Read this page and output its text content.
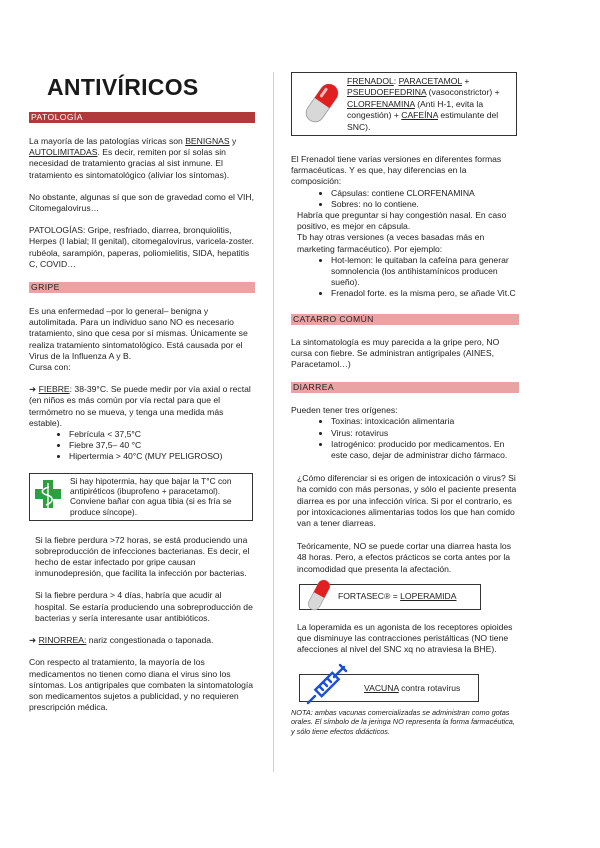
ANTIVÍRICOS
PATOLOGÍA

La mayoría de las patologías víricas son BENIGNAS y AUTOLIMITADAS. Es decir, remiten por sí solas sin necesidad de tratamiento gracias al sist inmune. El tratamiento es sintomatológico (aliviar los síntomas).

No obstante, algunas sí que son de gravedad como el VIH, Citomegalovirus…

PATOLOGÍAS: Gripe, resfriado, diarrea, bronquiolitis, Herpes (I labial; II genital), citomegalovirus, varicela-zoster. rubéola, sarampión, paperas, poliomielitis, SIDA, hepatitis C, COVID…

GRIPE

Es una enfermedad –por lo general– benigna y autolimitada. Para un individuo sano NO es necesario tratamiento, sino que cesa por sí mismas. Únicamente se realiza tratamiento sintomatológico. Está causada por el Virus de la Influenza A y B.

Cursa con:

➜ FIEBRE: 38-39°C. Se puede medir por vía axial o rectal (en niños es más común por vía rectal para que el termómetro no se mueva, y tenga una medida más estable).

• Febrícula < 37,5°C
• Fiebre 37,5– 40 °C
• Hipertermia > 40°C (MUY PELIGROSO)

Si hay hipotermia, hay que bajar la T°C con antipiréticos (ibuprofeno + paracetamol). Conviene bañar con agua tibia (si es fría se produce síncope).

Si la fiebre perdura >72 horas, se está produciendo una sobreproducción de infecciones bacterianas. Es decir, el hecho de estar infectado por gripe causan inmunodepresión, que facilita la infección por bacterias.

Si la fiebre perdura > 4 días, habría que acudir al hospital. Se estaría produciendo una sobreproducción de bacterias y sería interesante usar antibióticos.

➜ RINORREA: nariz congestionada o taponada.

Con respecto al tratamiento, la mayoría de los medicamentos no tienen como diana el virus sino los síntomas. Los antigripales que combaten la sintomatología son medicamentos sujetos a publicidad, y no requieren prescripción médica.

FRENADOL: PARACETAMOL + PSEUDOEFEDRINA (vasoconstrictor) + CLORFENAMINA (Anti H-1, evita la congestión) + CAFEÍNA estimulante del SNC).

El Frenadol tiene varias versiones en diferentes formas farmacéuticas. Y es que, hay diferencias en la composición:

• Cápsulas: contiene CLORFENAMINA
• Sobres: no lo contiene.

Habría que preguntar si hay congestión nasal. En caso positivo, es mejor en cápsula.

Tb hay otras versiones (a veces basadas más en marketing farmacéutico). Por ejemplo:

• Hot-lemon: le quitaban la cafeína para generar somnolencia (los antihistamínicos producen sueño).
• Frenadol forte. es la misma pero, se añade Vit.C
CATARRO COMÚN

La sintomatología es muy parecida a la gripe pero, NO cursa con fiebre. Se administran antigripales (AINES, Paracetamol…)

DIARREA

Pueden tener tres orígenes:

• Toxinas: intoxicación alimentaria
• Virus: rotavirus
• Iatrogénico: producido por medicamentos. En este caso, dejar de administrar dicho fármaco.

¿Cómo diferenciar si es origen de intoxicación o virus? Si ha comido con más personas, y sólo el paciente presenta diarrea es por una infección vírica. Si por el contrario, es por intoxicaciones alimentarias todos los que han comido van a tener diarreas.

Teóricamente, NO se puede cortar una diarrea hasta los 48 horas. Pero, a efectos prácticos se corta antes por la incomodidad que presenta la afectación.

FORTASEC® = LOPERAMIDA

La loperamida es un agonista de los receptores opioides que disminuye las contracciones peristálticas (NO tiene afecciones al nivel del SNC xq no atraviesa la BHE).

VACUNA contra rotavirus

NOTA: ambas vacunas comercializadas se administran como gotas orales. El símbolo de la jeringa NO representa la forma farmacéutica, y sólo tiene efectos didácticos.
